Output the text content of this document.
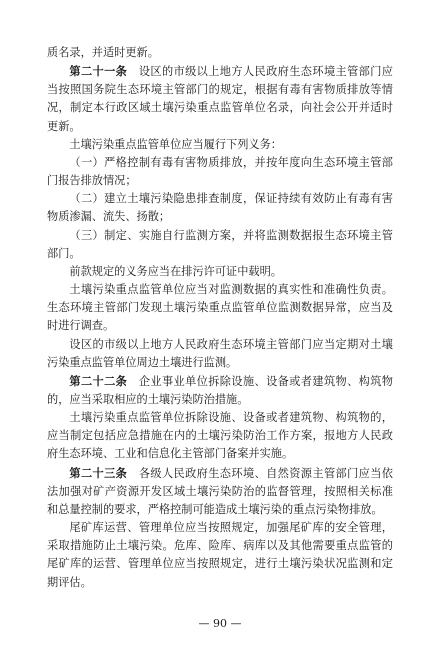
质名录，并适时更新。

第二十一条　设区的市级以上地方人民政府生态环境主管部门应当按照国务院生态环境主管部门的规定，根据有毒有害物质排放等情况，制定本行政区域土壤污染重点监管单位名录，向社会公开并适时更新。

土壤污染重点监管单位应当履行下列义务：

（一）严格控制有毒有害物质排放，并按年度向生态环境主管部门报告排放情况；

（二）建立土壤污染隐患排查制度，保证持续有效防止有毒有害物质渗漏、流失、扬散；

（三）制定、实施自行监测方案，并将监测数据报生态环境主管部门。

前款规定的义务应当在排污许可证中载明。

土壤污染重点监管单位应当对监测数据的真实性和准确性负责。生态环境主管部门发现土壤污染重点监管单位监测数据异常，应当及时进行调查。

设区的市级以上地方人民政府生态环境主管部门应当定期对土壤污染重点监管单位周边土壤进行监测。

第二十二条　企业事业单位拆除设施、设备或者建筑物、构筑物的，应当采取相应的土壤污染防治措施。

土壤污染重点监管单位拆除设施、设备或者建筑物、构筑物的，应当制定包括应急措施在内的土壤污染防治工作方案，报地方人民政府生态环境、工业和信息化主管部门备案并实施。

第二十三条　各级人民政府生态环境、自然资源主管部门应当依法加强对矿产资源开发区域土壤污染防治的监督管理，按照相关标准和总量控制的要求，严格控制可能造成土壤污染的重点污染物排放。

尾矿库运营、管理单位应当按照规定，加强尾矿库的安全管理，采取措施防止土壤污染。危库、险库、病库以及其他需要重点监管的尾矿库的运营、管理单位应当按照规定，进行土壤污染状况监测和定期评估。

— 90 —
